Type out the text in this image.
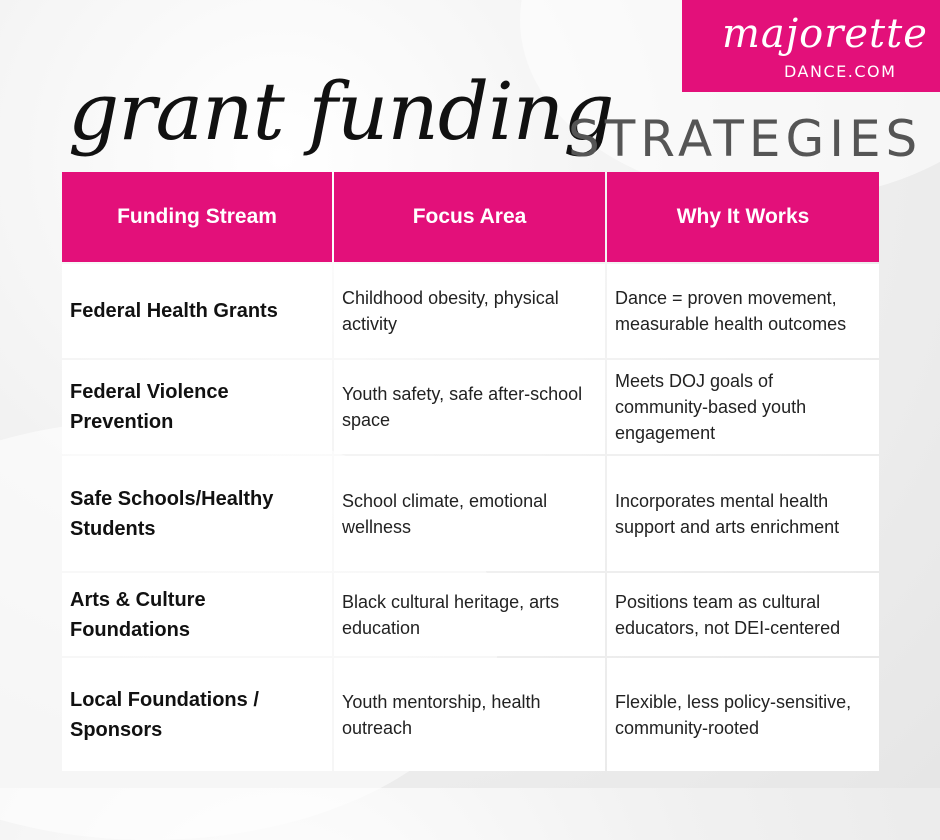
majorette
DANCE.COM
grant funding
STRATEGIES
Funding Stream	Focus Area	Why It Works
Federal Health Grants	Childhood obesity, physical activity	Dance = proven movement, measurable health outcomes
Federal Violence Prevention	Youth safety, safe after-school space	Meets DOJ goals of community-based youth engagement
Safe Schools/Healthy Students	School climate, emotional wellness	Incorporates mental health support and arts enrichment
Arts & Culture Foundations	Black cultural heritage, arts education	Positions team as cultural educators, not DEI-centered
Local Foundations / Sponsors	Youth mentorship, health outreach	Flexible, less policy-sensitive, community-rooted
